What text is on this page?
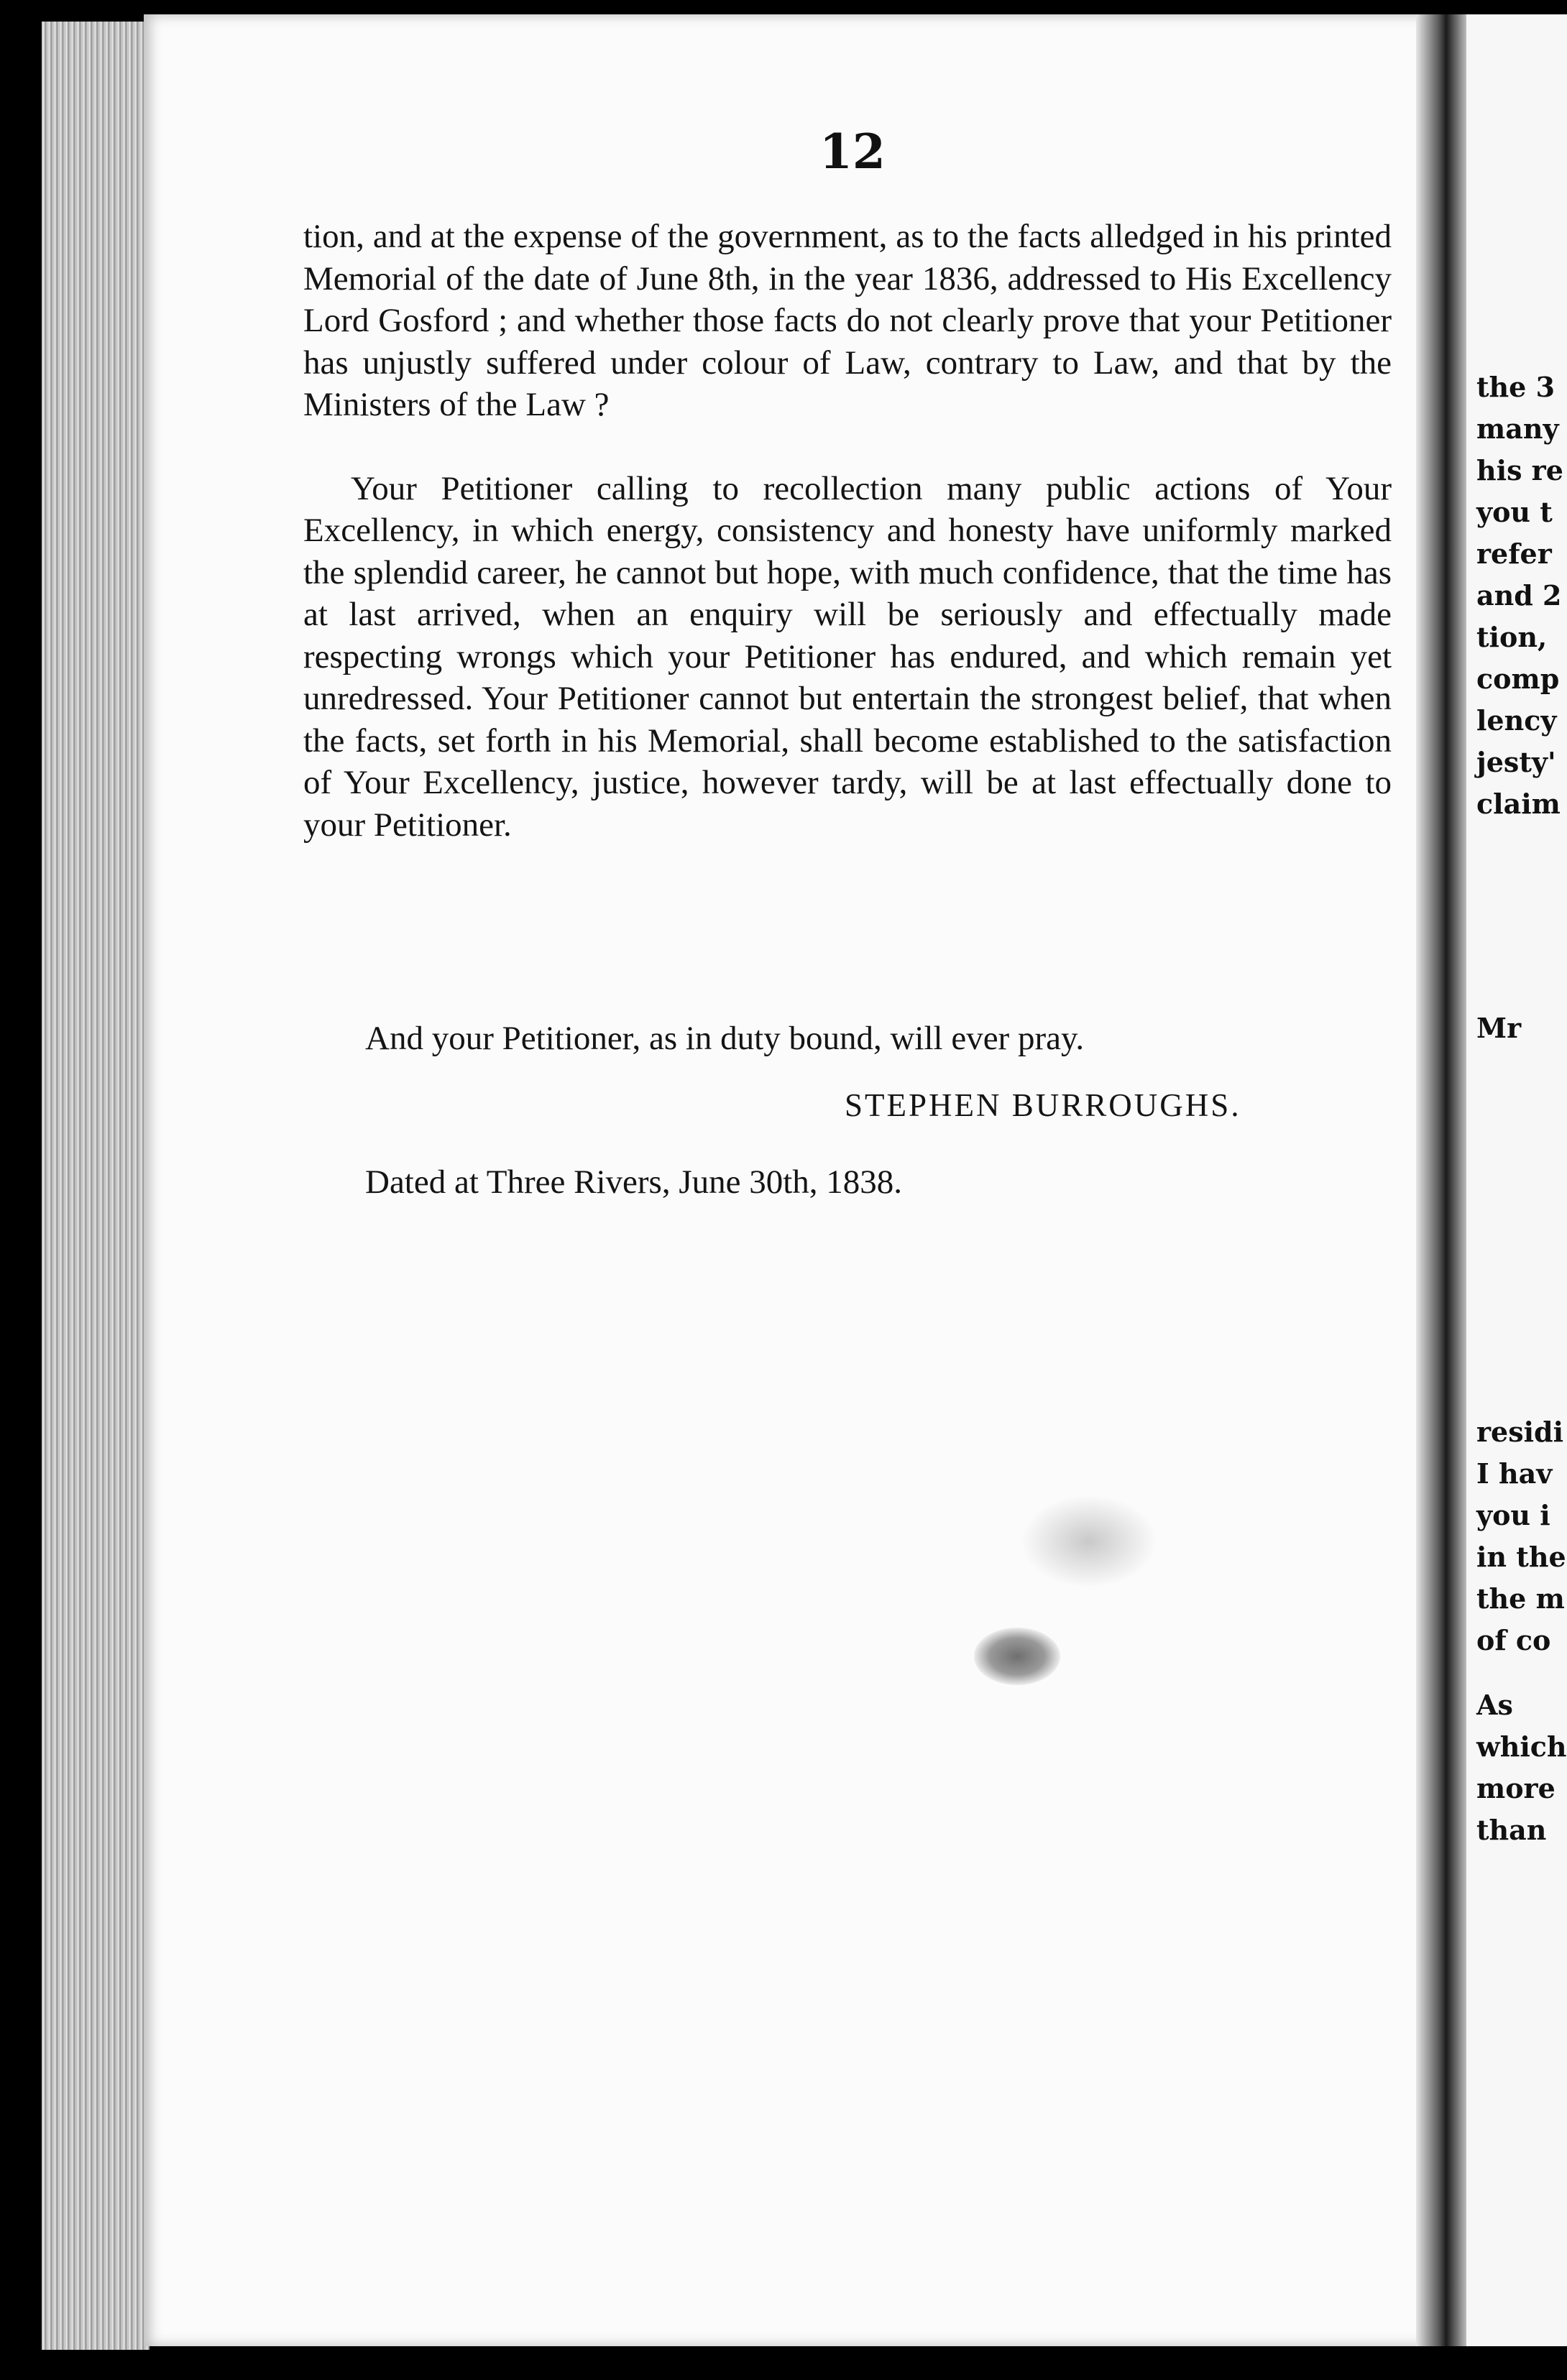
the 3
many
his re
you t
refer
and 2
tion,
comp
lency
jesty'
claim
Mr
residi
I hav
you i
in the
the m
of co
As
which
more
than
12

tion, and at the expense of the government, as to the facts alledged in his printed Memorial of the date of June 8th, in the year 1836, addressed to His Excellency Lord Gosford ; and whether those facts do not clearly prove that your Petitioner has unjustly suffered under colour of Law, contrary to Law, and that by the Ministers of the Law ?

Your Petitioner calling to recollection many public actions of Your Excellency, in which energy, consistency and honesty have uniformly marked the splendid career, he cannot but hope, with much confidence, that the time has at last arrived, when an enquiry will be seriously and effectually made respecting wrongs which your Petitioner has endured, and which remain yet unredressed. Your Petitioner cannot but entertain the strongest belief, that when the facts, set forth in his Memorial, shall become established to the satisfaction of Your Excellency, justice, however tardy, will be at last effectually done to your Petitioner.

And your Petitioner, as in duty bound, will ever pray.
STEPHEN BURROUGHS.
Dated at Three Rivers, June 30th, 1838.
